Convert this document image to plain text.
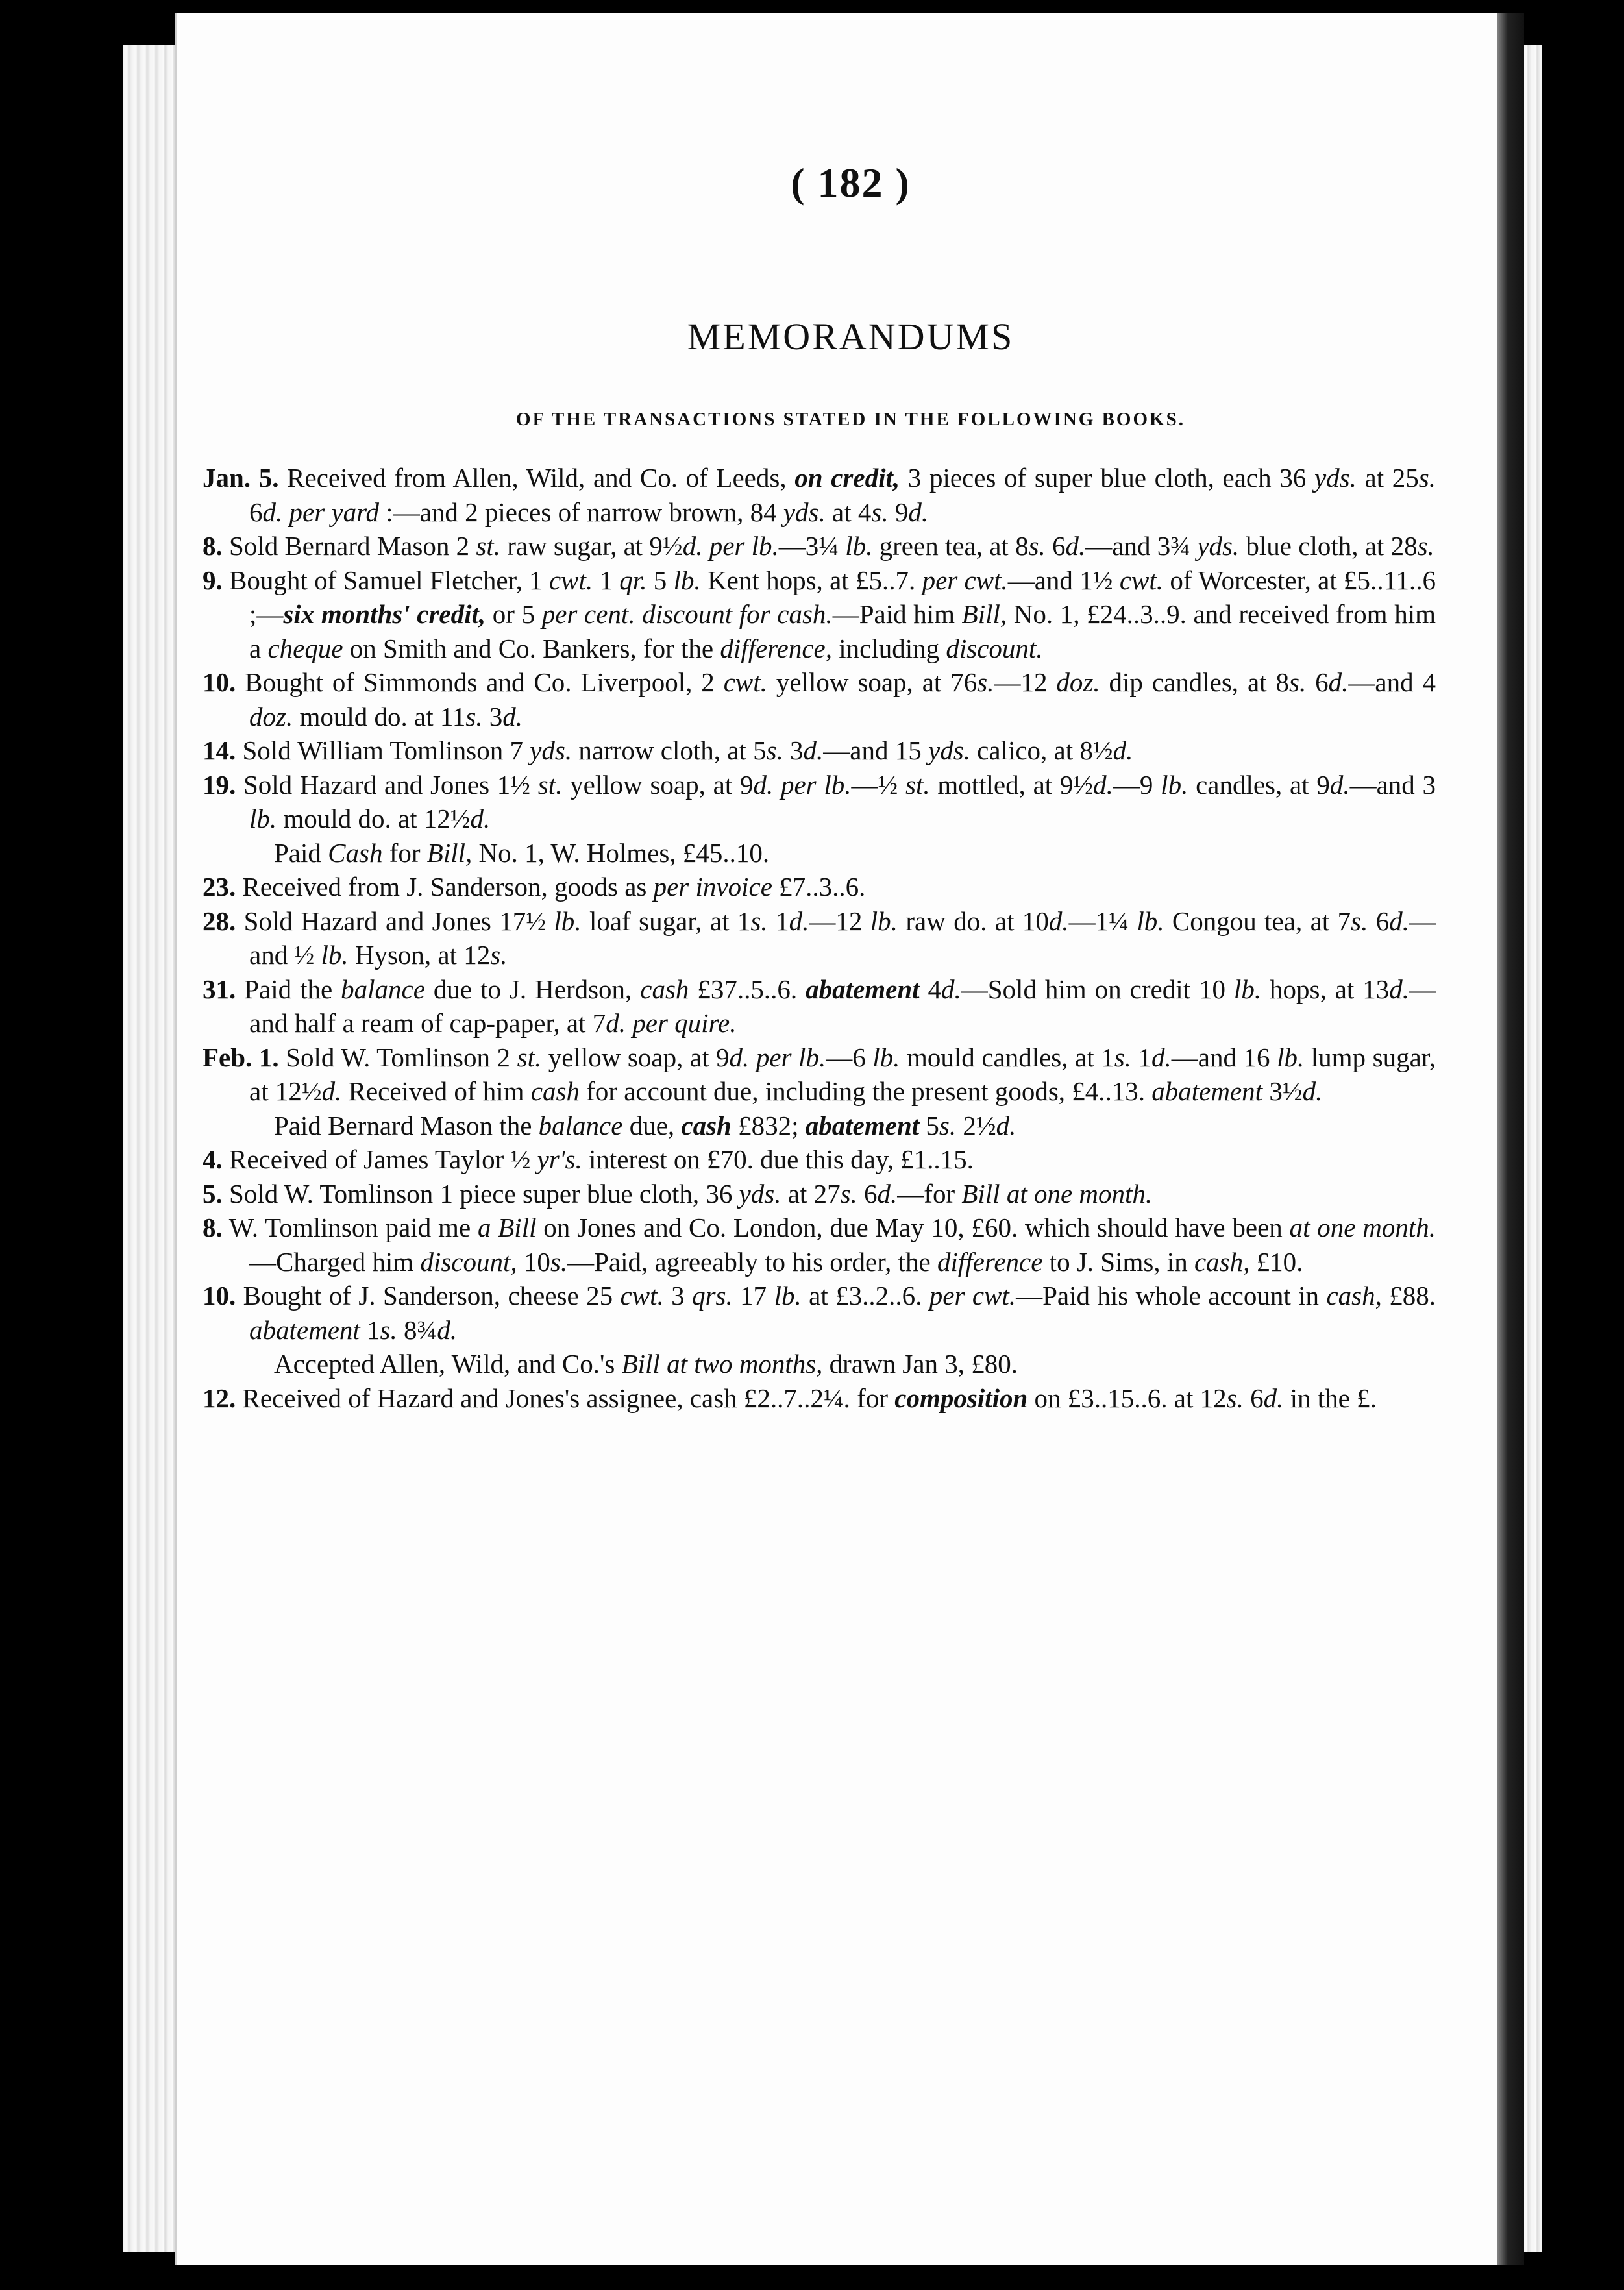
( 182 )
MEMORANDUMS
OF THE TRANSACTIONS STATED IN THE FOLLOWING BOOKS.

Jan. 5. Received from Allen, Wild, and Co. of Leeds, on credit, 3 pieces of super blue cloth, each 36 yds. at 25s. 6d. per yard :—and 2 pieces of narrow brown, 84 yds. at 4s. 9d.

8. Sold Bernard Mason 2 st. raw sugar, at 9½d. per lb.—3¼ lb. green tea, at 8s. 6d.—and 3¾ yds. blue cloth, at 28s.

9. Bought of Samuel Fletcher, 1 cwt. 1 qr. 5 lb. Kent hops, at £5..7. per cwt.—and 1½ cwt. of Worcester, at £5..11..6 ;—six months' credit, or 5 per cent. discount for cash.—Paid him Bill, No. 1, £24..3..9. and received from him a cheque on Smith and Co. Bankers, for the difference, including discount.

10. Bought of Simmonds and Co. Liverpool, 2 cwt. yellow soap, at 76s.—12 doz. dip candles, at 8s. 6d.—and 4 doz. mould do. at 11s. 3d.

14. Sold William Tomlinson 7 yds. narrow cloth, at 5s. 3d.—and 15 yds. calico, at 8½d.

19. Sold Hazard and Jones 1½ st. yellow soap, at 9d. per lb.—½ st. mottled, at 9½d.—9 lb. candles, at 9d.—and 3 lb. mould do. at 12½d.

Paid Cash for Bill, No. 1, W. Holmes, £45..10.

23. Received from J. Sanderson, goods as per invoice £7..3..6.

28. Sold Hazard and Jones 17½ lb. loaf sugar, at 1s. 1d.—12 lb. raw do. at 10d.—1¼ lb. Congou tea, at 7s. 6d.—and ½ lb. Hyson, at 12s.

31. Paid the balance due to J. Herdson, cash £37..5..6. abatement 4d.—Sold him on credit 10 lb. hops, at 13d.—and half a ream of cap-paper, at 7d. per quire.

Feb. 1. Sold W. Tomlinson 2 st. yellow soap, at 9d. per lb.—6 lb. mould candles, at 1s. 1d.—and 16 lb. lump sugar, at 12½d. Received of him cash for account due, including the present goods, £4..13. abatement 3½d.

Paid Bernard Mason the balance due, cash £832; abatement 5s. 2½d.

4. Received of James Taylor ½ yr's. interest on £70. due this day, £1..15.

5. Sold W. Tomlinson 1 piece super blue cloth, 36 yds. at 27s. 6d.—for Bill at one month.

8. W. Tomlinson paid me a Bill on Jones and Co. London, due May 10, £60. which should have been at one month.—Charged him discount, 10s.—Paid, agreeably to his order, the difference to J. Sims, in cash, £10.

10. Bought of J. Sanderson, cheese 25 cwt. 3 qrs. 17 lb. at £3..2..6. per cwt.—Paid his whole account in cash, £88. abatement 1s. 8¾d.

Accepted Allen, Wild, and Co.'s Bill at two months, drawn Jan 3, £80.

12. Received of Hazard and Jones's assignee, cash £2..7..2¼. for composition on £3..15..6. at 12s. 6d. in the £.
